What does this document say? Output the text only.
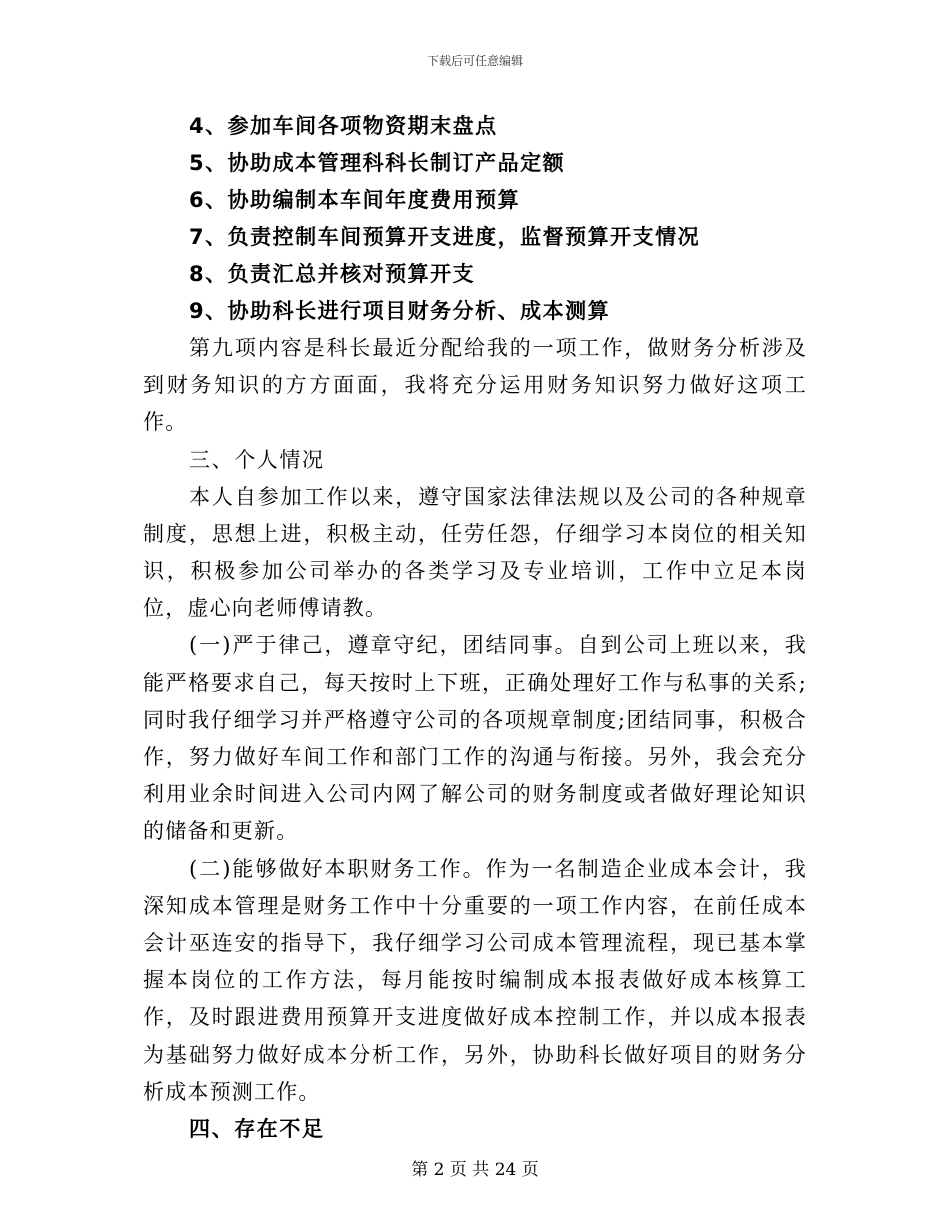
下载后可任意编辑
4、参加车间各项物资期末盘点
5、协助成本管理科科长制订产品定额
6、协助编制本车间年度费用预算
7、负责控制车间预算开支进度，监督预算开支情况
8、负责汇总并核对预算开支
9、协助科长进行项目财务分析、成本测算
第九项内容是科长最近分配给我的一项工作，做财务分析涉及到财务知识的方方面面，我将充分运用财务知识努力做好这项工作。
三、个人情况
本人自参加工作以来，遵守国家法律法规以及公司的各种规章制度，思想上进，积极主动，任劳任怨，仔细学习本岗位的相关知识，积极参加公司举办的各类学习及专业培训，工作中立足本岗位，虚心向老师傅请教。
(一)严于律己，遵章守纪，团结同事。自到公司上班以来，我能严格要求自己，每天按时上下班，正确处理好工作与私事的关系;同时我仔细学习并严格遵守公司的各项规章制度;团结同事，积极合作，努力做好车间工作和部门工作的沟通与衔接。另外，我会充分利用业余时间进入公司内网了解公司的财务制度或者做好理论知识的储备和更新。
(二)能够做好本职财务工作。作为一名制造企业成本会计，我深知成本管理是财务工作中十分重要的一项工作内容，在前任成本会计巫连安的指导下，我仔细学习公司成本管理流程，现已基本掌握本岗位的工作方法，每月能按时编制成本报表做好成本核算工作，及时跟进费用预算开支进度做好成本控制工作，并以成本报表为基础努力做好成本分析工作，另外，协助科长做好项目的财务分析成本预测工作。
四、存在不足
第 2 页 共 24 页
